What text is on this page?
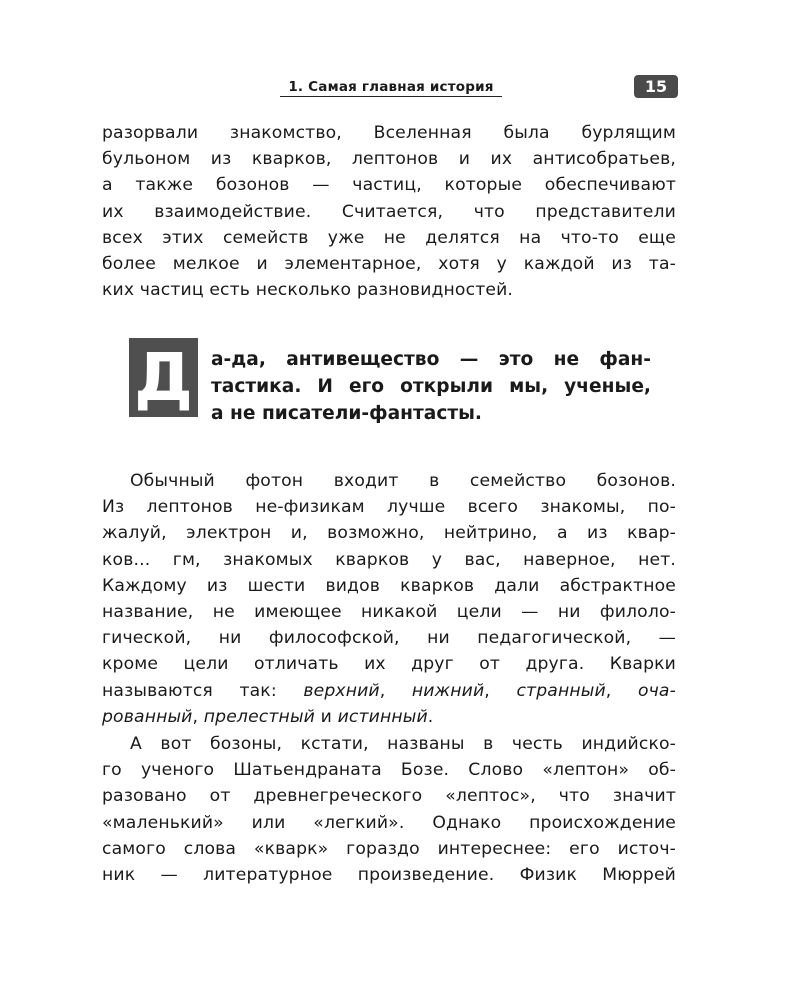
1. Самая главная история	15
разорвали знакомство, Вселенная была бурлящим
бульоном из кварков, лептонов и их антисобратьев,
а также бозонов — частиц, которые обеспечивают
их взаимодействие. Считается, что представители
всех этих семейств уже не делятся на что-то еще
более мелкое и элементарное, хотя у каждой из та-
ких частиц есть несколько разновидностей.
Д а-да, антивещество — это не фан-
тастика. И его открыли мы, ученые,
а не писатели-фантасты.
Обычный фотон входит в семейство бозонов.
Из лептонов не-физикам лучше всего знакомы, по-
жалуй, электрон и, возможно, нейтрино, а из квар-
ков... гм, знакомых кварков у вас, наверное, нет.
Каждому из шести видов кварков дали абстрактное
название, не имеющее никакой цели — ни филоло-
гической, ни философской, ни педагогической, —
кроме цели отличать их друг от друга. Кварки
называются так: верхний, нижний, странный, оча-
рованный, прелестный и истинный.
А вот бозоны, кстати, названы в честь индийско-
го ученого Шатьендраната Бозе. Слово «лептон» об-
разовано от древнегреческого «лептос», что значит
«маленький» или «легкий». Однако происхождение
самого слова «кварк» гораздо интереснее: его источ-
ник — литературное произведение. Физик Мюррей
